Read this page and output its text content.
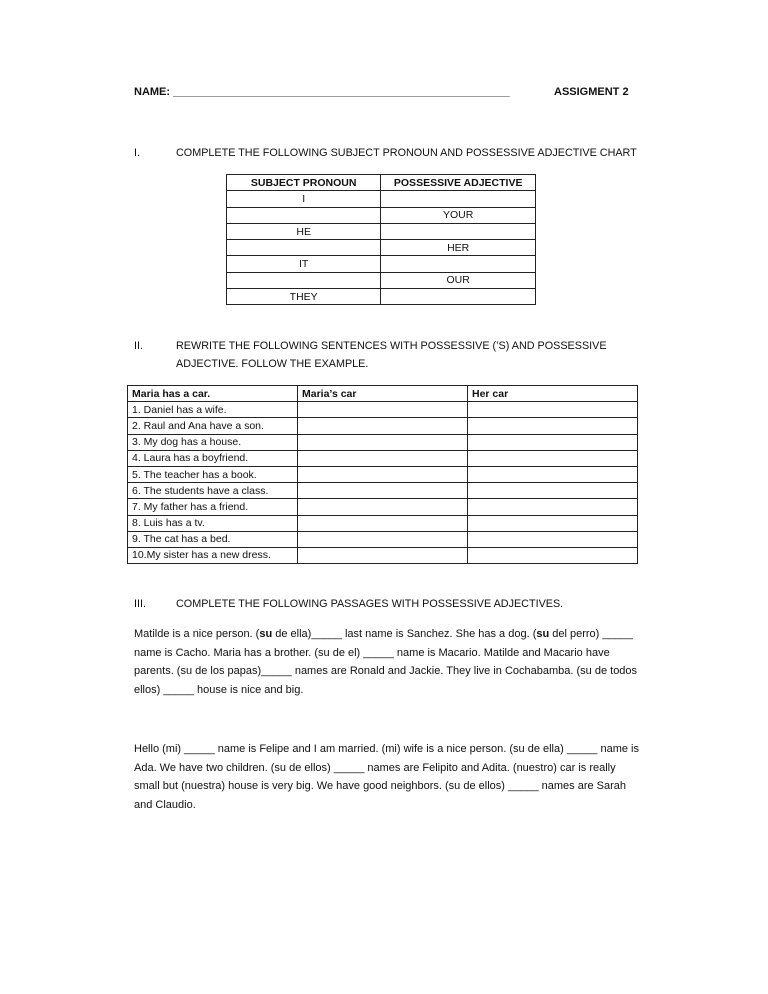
NAME: _______________________________________________________	ASSIGMENT 2
I.	COMPLETE THE FOLLOWING SUBJECT PRONOUN AND POSSESSIVE ADJECTIVE CHART
SUBJECT PRONOUN	POSSESSIVE ADJECTIVE
I	
	YOUR
HE	
	HER
IT	
	OUR
THEY	
II.	REWRITE THE FOLLOWING SENTENCES WITH POSSESSIVE (’S) AND POSSESSIVE
ADJECTIVE. FOLLOW THE EXAMPLE.
Maria has a car.	Maria’s car	Her car
1. Daniel has a wife.		
2. Raul and Ana have a son.		
3. My dog has a house.		
4. Laura has a boyfriend.		
5. The teacher has a book.		
6. The students have a class.		
7. My father has a friend.		
8. Luis has a tv.		
9. The cat has a bed.		
10.My sister has a new dress.		
III.	COMPLETE THE FOLLOWING PASSAGES WITH POSSESSIVE ADJECTIVES.
Matilde is a nice person. (su de ella)_____ last name is Sanchez. She has a dog. (su del perro) _____ name is Cacho. Maria has a brother. (su de el) _____ name is Macario. Matilde and Macario have parents. (su de los papas)_____ names are Ronald and Jackie. They live in Cochabamba. (su de todos ellos) _____ house is nice and big.
Hello (mi) _____ name is Felipe and I am married. (mi) wife is a nice person. (su de ella) _____ name is Ada. We have two children. (su de ellos) _____ names are Felipito and Adita. (nuestro) car is really small but (nuestra) house is very big. We have good neighbors. (su de ellos) _____ names are Sarah and Claudio.
